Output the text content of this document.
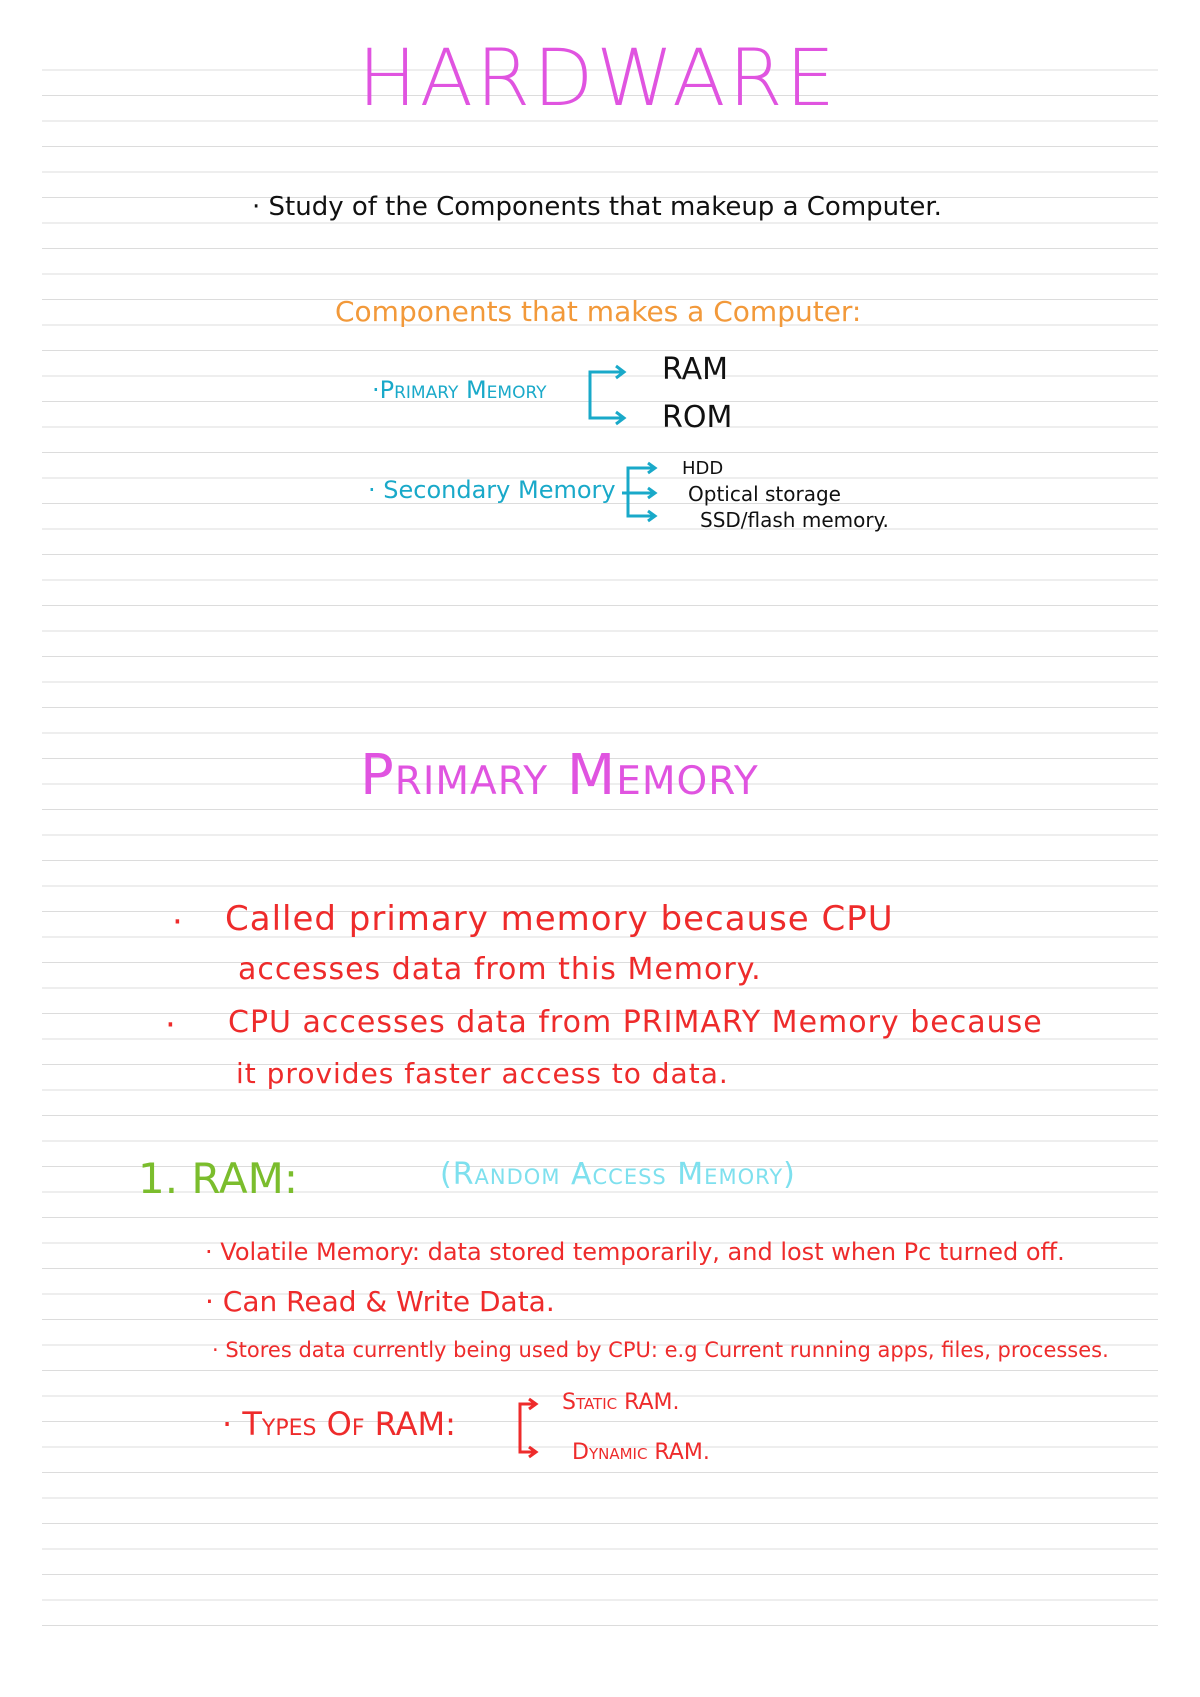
HARDWARE
· Study of the Components that makeup a Computer.
Components that makes a Computer:
·Primary Memory
RAM
ROM
· Secondary Memory
HDD
Optical storage
SSD/flash memory.
Primary Memory
· Called primary memory because CPU
accesses data from this Memory.
· CPU accesses data from PRIMARY Memory because
it provides faster access to data.
1. RAM:	(Random Access Memory)
· Volatile Memory: data stored temporarily, and lost when Pc turned off.
· Can Read & Write Data.
· Stores data currently being used by CPU: e.g Current running apps, files, processes.
· Types Of RAM:
Static RAM.
Dynamic RAM.
